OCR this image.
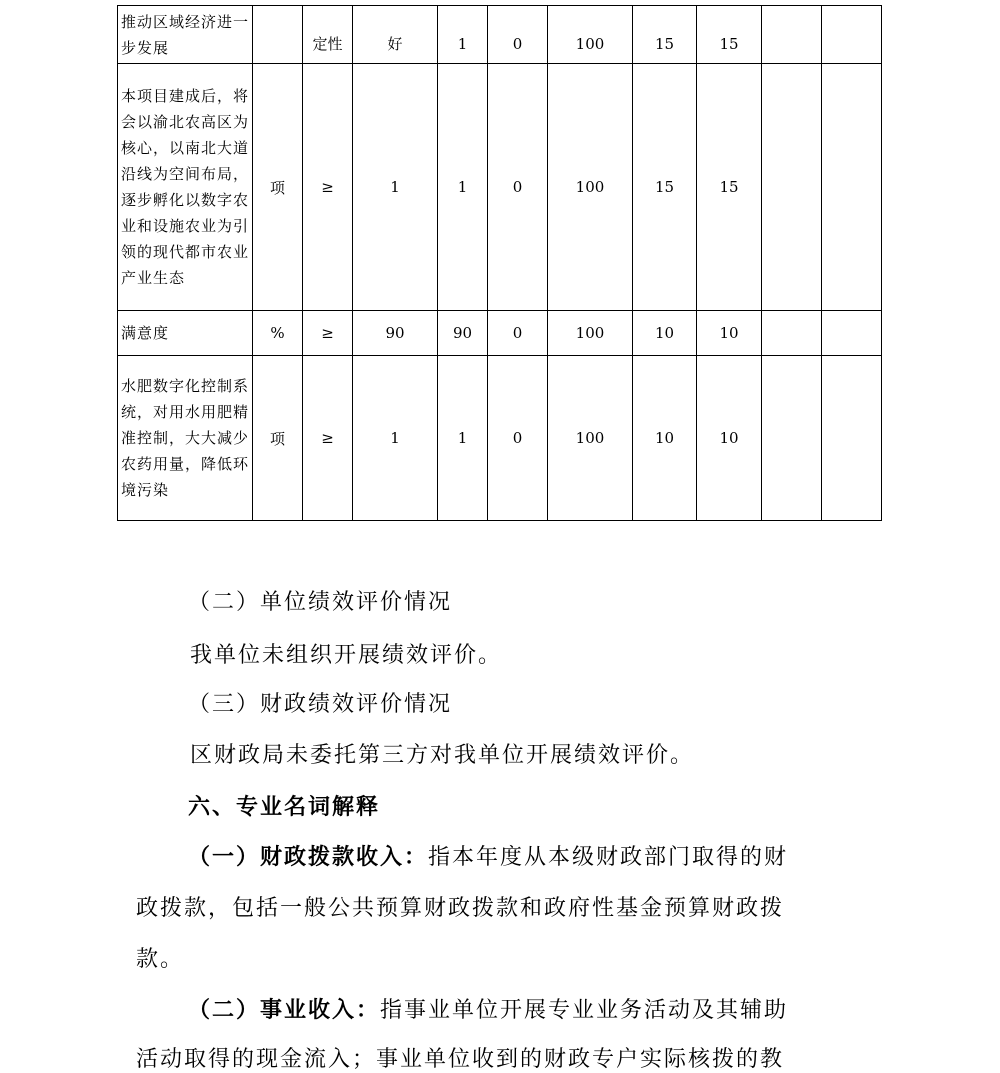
推动区域经济进一步发展		定性	好	1	0	100	15	15		
本项目建成后，将会以渝北农高区为核心，以南北大道沿线为空间布局，逐步孵化以数字农业和设施农业为引领的现代都市农业产业生态	项	≥	1	1	0	100	15	15		
满意度	%	≥	90	90	0	100	10	10		
水肥数字化控制系统，对用水用肥精准控制，大大减少农药用量，降低环境污染	项	≥	1	1	0	100	10	10		
（二）单位绩效评价情况
我单位未组织开展绩效评价。
（三）财政绩效评价情况
区财政局未委托第三方对我单位开展绩效评价。
六、专业名词解释
（一）财政拨款收入：指本年度从本级财政部门取得的财
政拨款，包括一般公共预算财政拨款和政府性基金预算财政拨
款。
（二）事业收入：指事业单位开展专业业务活动及其辅助
活动取得的现金流入；事业单位收到的财政专户实际核拨的教
